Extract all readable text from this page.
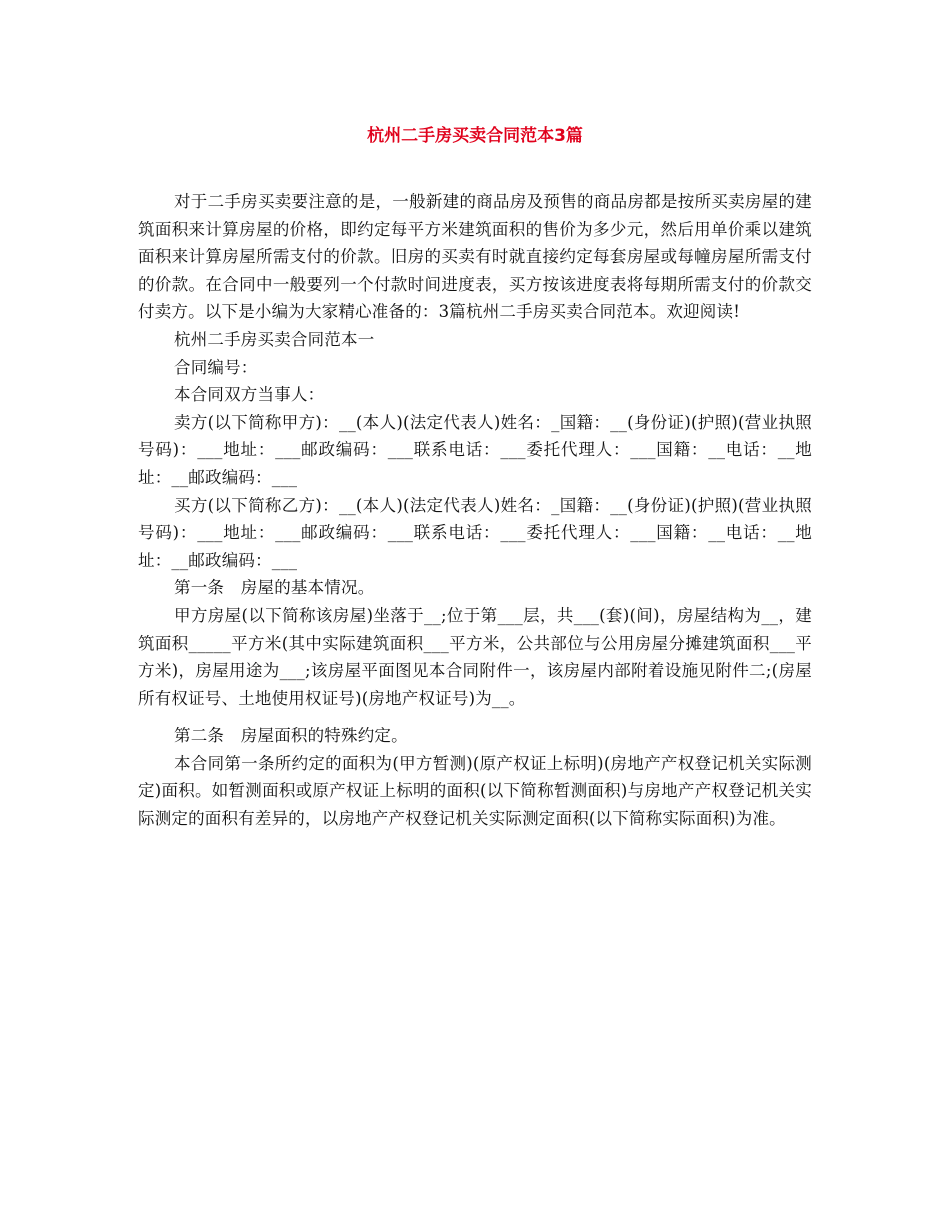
杭州二手房买卖合同范本3篇

对于二手房买卖要注意的是，一般新建的商品房及预售的商品房都是按所买卖房屋的建筑面积来计算房屋的价格，即约定每平方米建筑面积的售价为多少元，然后用单价乘以建筑面积来计算房屋所需支付的价款。旧房的买卖有时就直接约定每套房屋或每幢房屋所需支付的价款。在合同中一般要列一个付款时间进度表，买方按该进度表将每期所需支付的价款交付卖方。以下是小编为大家精心准备的：3篇杭州二手房买卖合同范本。欢迎阅读!

杭州二手房买卖合同范本一

合同编号：

本合同双方当事人：

卖方(以下简称甲方)：__(本人)(法定代表人)姓名：_国籍：__(身份证)(护照)(营业执照号码)：___地址：___邮政编码：___联系电话：___委托代理人：___国籍：__电话：__地址：__邮政编码：___

买方(以下简称乙方)：__(本人)(法定代表人)姓名：_国籍：__(身份证)(护照)(营业执照号码)：___地址：___邮政编码：___联系电话：___委托代理人：___国籍：__电话：__地址：__邮政编码：___

第一条　房屋的基本情况。

甲方房屋(以下简称该房屋)坐落于__;位于第___层，共___(套)(间)，房屋结构为__，建筑面积_____平方米(其中实际建筑面积___平方米，公共部位与公用房屋分摊建筑面积___平方米)，房屋用途为___;该房屋平面图见本合同附件一，该房屋内部附着设施见附件二;(房屋所有权证号、土地使用权证号)(房地产权证号)为__。

第二条　房屋面积的特殊约定。

本合同第一条所约定的面积为(甲方暂测)(原产权证上标明)(房地产产权登记机关实际测定)面积。如暂测面积或原产权证上标明的面积(以下简称暂测面积)与房地产产权登记机关实际测定的面积有差异的，以房地产产权登记机关实际测定面积(以下简称实际面积)为准。
